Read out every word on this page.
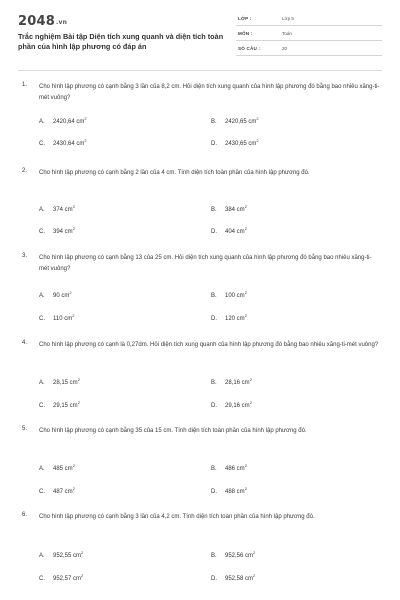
2048.vn
Trắc nghiệm Bài tập Diện tích xung quanh và diện tích toàn phần của hình lập phương có đáp án
LỚP :	Lớp 5
MÔN :	Toán
SỐ CÂU :	20
1. Cho hình lập phương có cạnh bằng 3 lần của 8,2 cm. Hỏi diện tích xung quanh của hình lập phương đó bằng bao nhiêu xăng-ti-mét vuông?
A. 2420,64 $cm^2$
B. 2420,65 $cm^2$
C. 2430,64 $cm^2$
D. 2430,65 $cm^2$
2. Cho hình lập phương có cạnh bằng 2 lần của 4 cm. Tính diện tích toàn phần của hình lập phương đó.
A. 374 $cm^2$
B. 384 $cm^2$
C. 394 $cm^2$
D. 404 $cm^2$
3. Cho hình lập phương có cạnh bằng 13 của 25 cm. Hỏi diện tích xung quanh của hình lập phương đó bằng bao nhiêu xăng-ti-mét vuông?
A. 90 $cm^2$
B. 100 $cm^2$
C. 110 $cm^2$
D. 120 $cm^2$
4. Cho hình lập phương có cạnh là 0,27dm. Hỏi diện tích xung quanh của hình lập phương đó bằng bao nhiêu xăng-ti-mét vuông?
A. 28,15 $cm^2$
B. 28,16 $cm^2$
C. 29,15 $cm^2$
D. 29,16 $cm^2$
5. Cho hình lập phương có cạnh bằng 35 của 15 cm. Tính diện tích toàn phần của hình lập phương đó.
A. 485 $cm^2$
B. 486 $cm^2$
C. 487 $cm^2$
D. 488 $cm^2$
6. Cho hình lập phương có cạnh bằng 3 lần của 4,2 cm. Tính diện tích toàn phần của hình lập phương đó.
A. 952,55 $cm^2$
B. 952,56 $cm^2$
C. 952,57 $cm^2$
D. 952,58 $cm^2$
